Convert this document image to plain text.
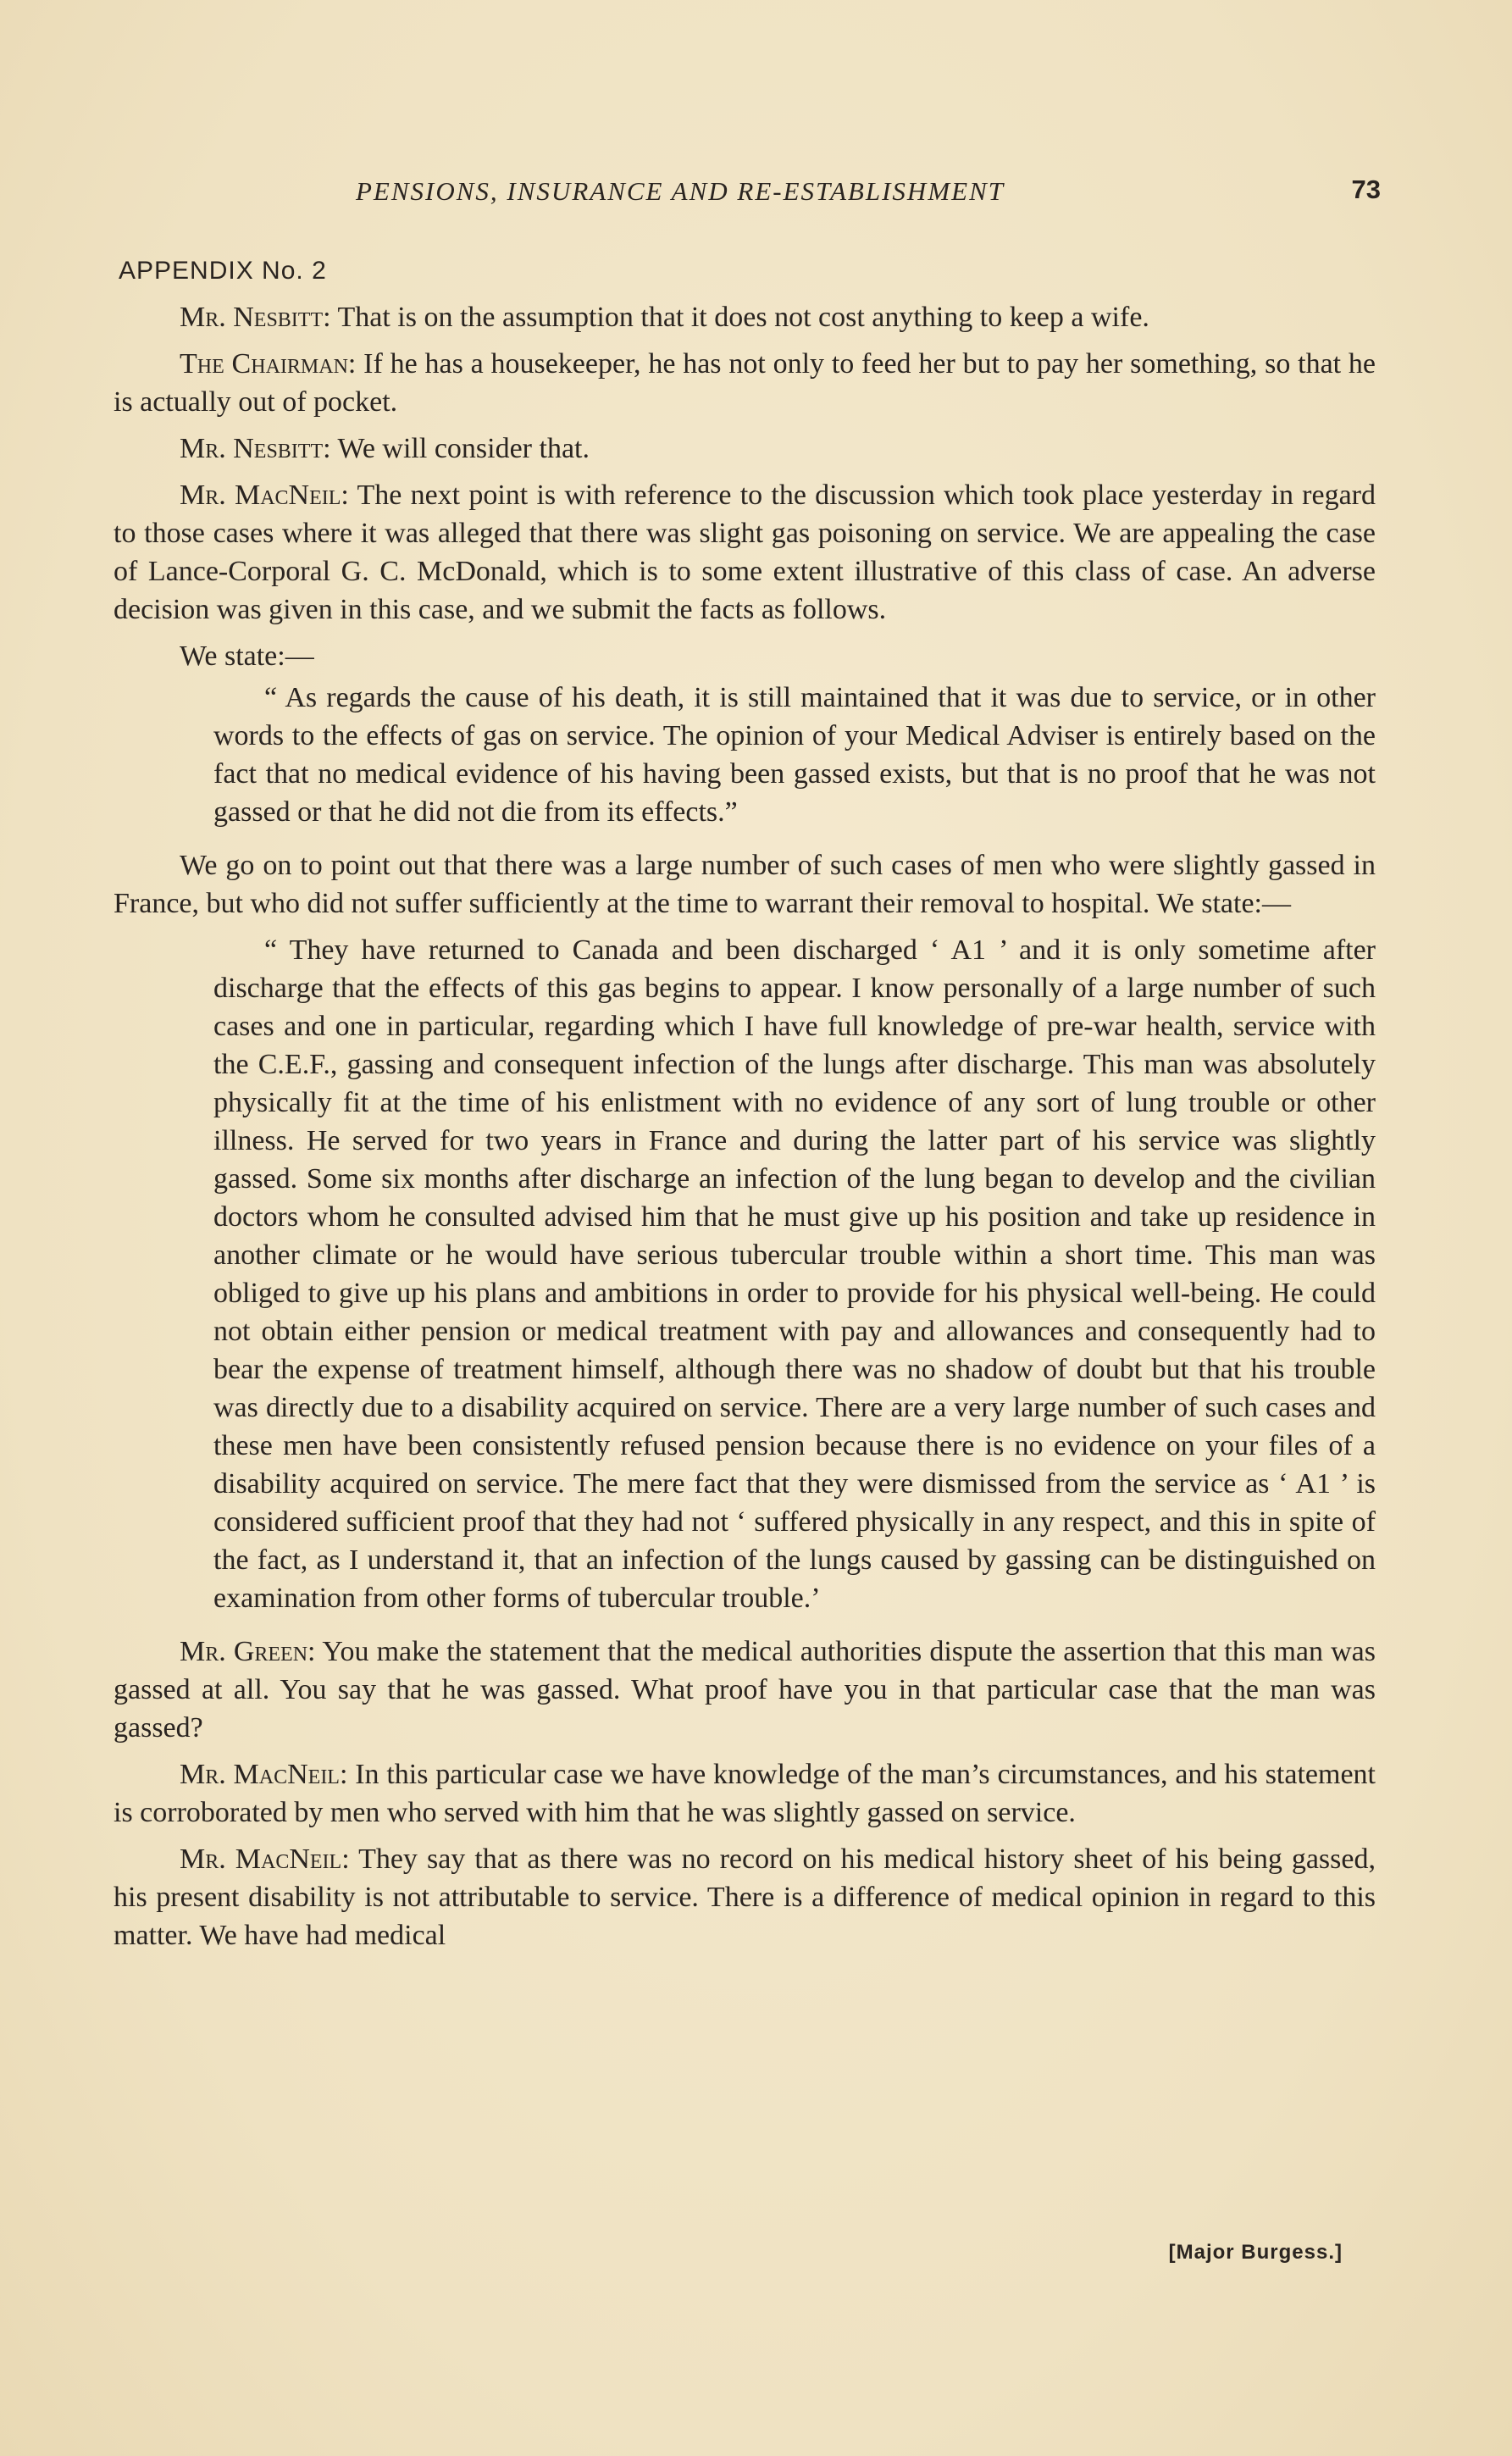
PENSIONS, INSURANCE AND RE-ESTABLISHMENT	73
APPENDIX No. 2

Mr. Nesbitt: That is on the assumption that it does not cost anything to keep a wife.

The Chairman: If he has a housekeeper, he has not only to feed her but to pay her something, so that he is actually out of pocket.

Mr. Nesbitt: We will consider that.

Mr. MacNeil: The next point is with reference to the discussion which took place yesterday in regard to those cases where it was alleged that there was slight gas poisoning on service. We are appealing the case of Lance-Corporal G. C. McDonald, which is to some extent illustrative of this class of case. An adverse decision was given in this case, and we submit the facts as follows.

We state:—

“ As regards the cause of his death, it is still maintained that it was due to service, or in other words to the effects of gas on service. The opinion of your Medical Adviser is entirely based on the fact that no medical evidence of his having been gassed exists, but that is no proof that he was not gassed or that he did not die from its effects.”

We go on to point out that there was a large number of such cases of men who were slightly gassed in France, but who did not suffer sufficiently at the time to warrant their removal to hospital. We state:—

“ They have returned to Canada and been discharged ‘ A1 ’ and it is only sometime after discharge that the effects of this gas begins to appear. I know personally of a large number of such cases and one in particular, regarding which I have full knowledge of pre-war health, service with the C.E.F., gassing and consequent infection of the lungs after discharge. This man was absolutely physically fit at the time of his enlistment with no evidence of any sort of lung trouble or other illness. He served for two years in France and during the latter part of his service was slightly gassed. Some six months after discharge an infection of the lung began to develop and the civilian doctors whom he consulted advised him that he must give up his position and take up residence in another climate or he would have serious tubercular trouble within a short time. This man was obliged to give up his plans and ambitions in order to provide for his physical well-being. He could not obtain either pension or medical treatment with pay and allowances and consequently had to bear the expense of treatment himself, although there was no shadow of doubt but that his trouble was directly due to a disability acquired on service. There are a very large number of such cases and these men have been consistently refused pension because there is no evidence on your files of a disability acquired on service. The mere fact that they were dismissed from the service as ‘ A1 ’ is considered sufficient proof that they had not ‘ suffered physically in any respect, and this in spite of the fact, as I understand it, that an infection of the lungs caused by gassing can be distinguished on examination from other forms of tubercular trouble.’

Mr. Green: You make the statement that the medical authorities dispute the assertion that this man was gassed at all. You say that he was gassed. What proof have you in that particular case that the man was gassed?

Mr. MacNeil: In this particular case we have knowledge of the man’s circumstances, and his statement is corroborated by men who served with him that he was slightly gassed on service.

Mr. MacNeil: They say that as there was no record on his medical history sheet of his being gassed, his present disability is not attributable to service. There is a difference of medical opinion in regard to this matter. We have had medical

[Major Burgess.]
